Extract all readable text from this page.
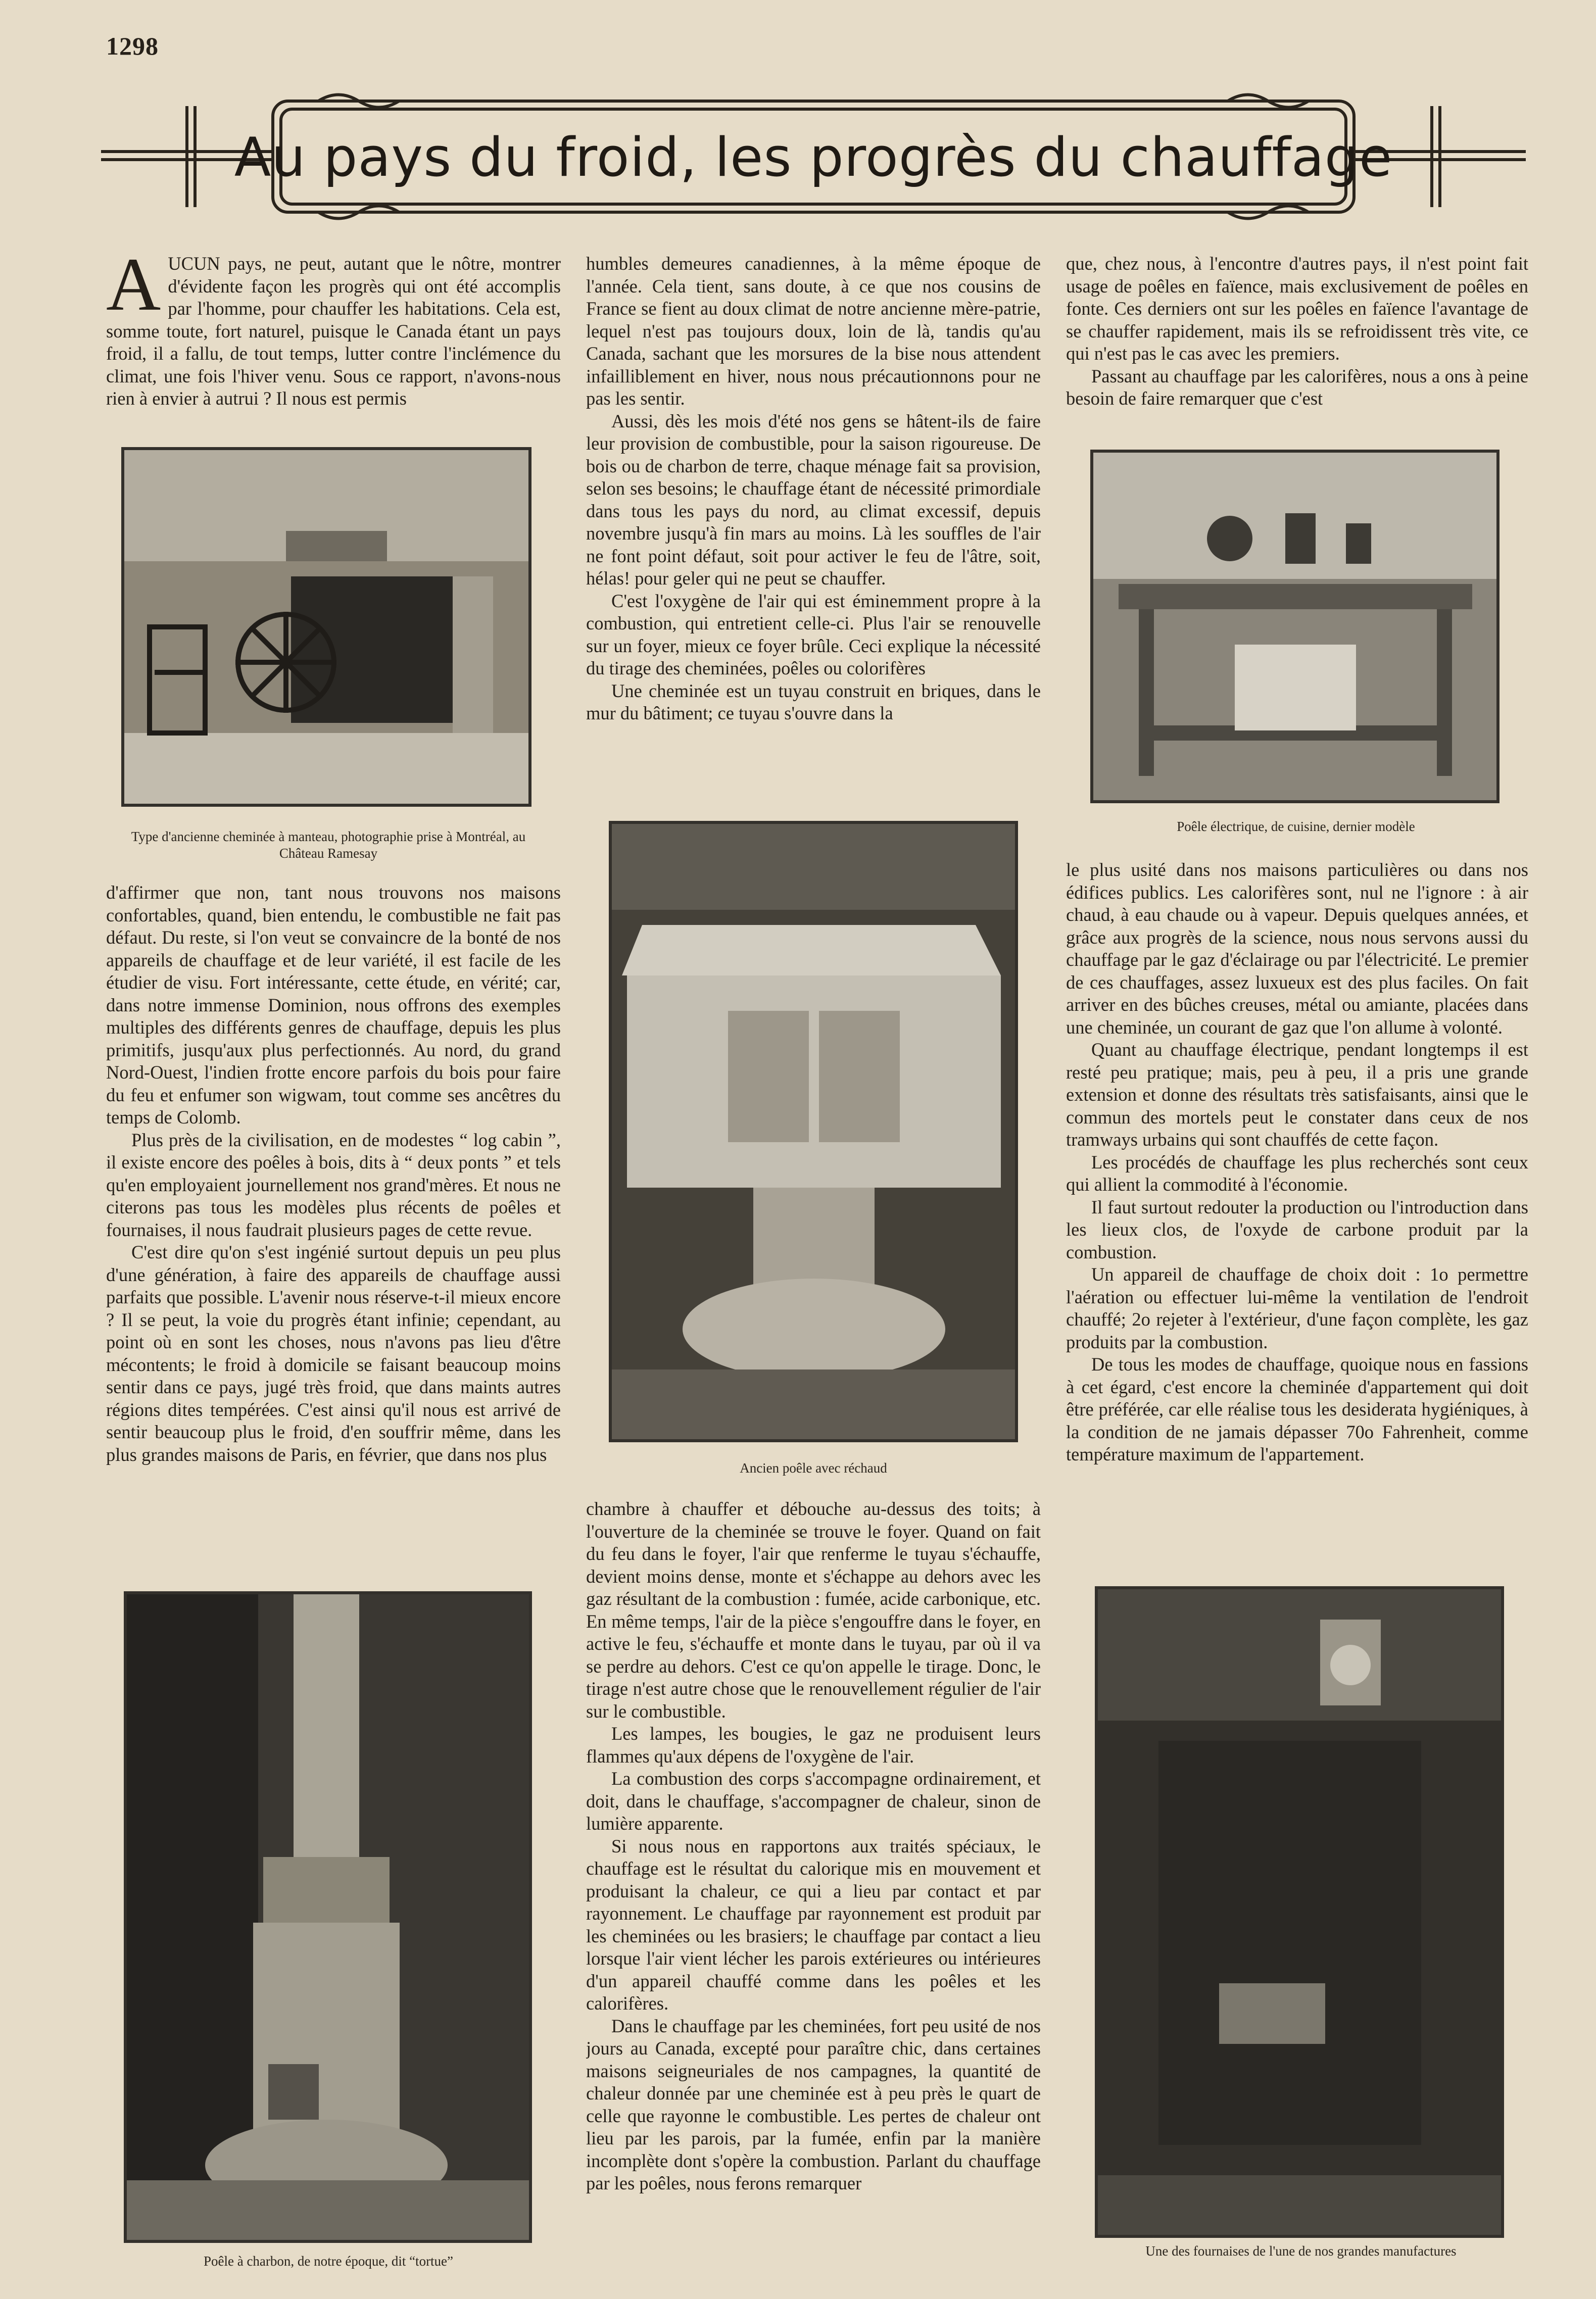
1298
Au pays du froid, les progrès du chauffage

AUCUN pays, ne peut, autant que le nôtre, montrer d'évidente façon les progrès qui ont été accomplis par l'homme, pour chauffer les habitations. Cela est, somme toute, fort naturel, puisque le Canada étant un pays froid, il a fallu, de tout temps, lutter contre l'inclémence du climat, une fois l'hiver venu. Sous ce rapport, n'avons-nous rien à envier à autrui ? Il nous est permis

Type d'ancienne cheminée à manteau, photographie prise à Montréal, au Château Ramesay

d'affirmer que non, tant nous trouvons nos maisons confortables, quand, bien entendu, le combustible ne fait pas défaut. Du reste, si l'on veut se convaincre de la bonté de nos appareils de chauffage et de leur variété, il est facile de les étudier de visu. Fort intéressante, cette étude, en vérité; car, dans notre immense Dominion, nous offrons des exemples multiples des différents genres de chauffage, depuis les plus primitifs, jusqu'aux plus perfectionnés. Au nord, du grand Nord-Ouest, l'indien frotte encore parfois du bois pour faire du feu et enfumer son wigwam, tout comme ses ancêtres du temps de Colomb.

Plus près de la civilisation, en de modestes “ log cabin ”, il existe encore des poêles à bois, dits à “ deux ponts ” et tels qu'en employaient journellement nos grand'mères. Et nous ne citerons pas tous les modèles plus récents de poêles et fournaises, il nous faudrait plusieurs pages de cette revue.

C'est dire qu'on s'est ingénié surtout depuis un peu plus d'une génération, à faire des appareils de chauffage aussi parfaits que possible. L'avenir nous réserve-t-il mieux encore ? Il se peut, la voie du progrès étant infinie; cependant, au point où en sont les choses, nous n'avons pas lieu d'être mécontents; le froid à domicile se faisant beaucoup moins sentir dans ce pays, jugé très froid, que dans maints autres régions dites tempérées. C'est ainsi qu'il nous est arrivé de sentir beaucoup plus le froid, d'en souffrir même, dans les plus grandes maisons de Paris, en février, que dans nos plus

Poêle à charbon, de notre époque, dit “tortue”

humbles demeures canadiennes, à la même époque de l'année. Cela tient, sans doute, à ce que nos cousins de France se fient au doux climat de notre ancienne mère-patrie, lequel n'est pas toujours doux, loin de là, tandis qu'au Canada, sachant que les morsures de la bise nous attendent infailliblement en hiver, nous nous précautionnons pour ne pas les sentir.

Aussi, dès les mois d'été nos gens se hâtent-ils de faire leur provision de combustible, pour la saison rigoureuse. De bois ou de charbon de terre, chaque ménage fait sa provision, selon ses besoins; le chauffage étant de nécessité primordiale dans tous les pays du nord, au climat excessif, depuis novembre jusqu'à fin mars au moins. Là les souffles de l'air ne font point défaut, soit pour activer le feu de l'âtre, soit, hélas! pour geler qui ne peut se chauffer.

C'est l'oxygène de l'air qui est éminemment propre à la combustion, qui entretient celle-ci. Plus l'air se renouvelle sur un foyer, mieux ce foyer brûle. Ceci explique la nécessité du tirage des cheminées, poêles ou colorifères

Une cheminée est un tuyau construit en briques, dans le mur du bâtiment; ce tuyau s'ouvre dans la

Ancien poêle avec réchaud

chambre à chauffer et débouche au-dessus des toits; à l'ouverture de la cheminée se trouve le foyer. Quand on fait du feu dans le foyer, l'air que renferme le tuyau s'échauffe, devient moins dense, monte et s'échappe au dehors avec les gaz résultant de la combustion : fumée, acide carbonique, etc. En même temps, l'air de la pièce s'engouffre dans le foyer, en active le feu, s'échauffe et monte dans le tuyau, par où il va se perdre au dehors. C'est ce qu'on appelle le tirage. Donc, le tirage n'est autre chose que le renouvellement régulier de l'air sur le combustible.

Les lampes, les bougies, le gaz ne produisent leurs flammes qu'aux dépens de l'oxygène de l'air.

La combustion des corps s'accompagne ordinairement, et doit, dans le chauffage, s'accompagner de chaleur, sinon de lumière apparente.

Si nous nous en rapportons aux traités spéciaux, le chauffage est le résultat du calorique mis en mouvement et produisant la chaleur, ce qui a lieu par contact et par rayonnement. Le chauffage par rayonnement est produit par les cheminées ou les brasiers; le chauffage par contact a lieu lorsque l'air vient lécher les parois extérieures ou intérieures d'un appareil chauffé comme dans les poêles et les calorifères.

Dans le chauffage par les cheminées, fort peu usité de nos jours au Canada, excepté pour paraître chic, dans certaines maisons seigneuriales de nos campagnes, la quantité de chaleur donnée par une cheminée est à peu près le quart de celle que rayonne le combustible. Les pertes de chaleur ont lieu par les parois, par la fumée, enfin par la manière incomplète dont s'opère la combustion. Parlant du chauffage par les poêles, nous ferons remarquer

que, chez nous, à l'encontre d'autres pays, il n'est point fait usage de poêles en faïence, mais exclusivement de poêles en fonte. Ces derniers ont sur les poêles en faïence l'avantage de se chauffer rapidement, mais ils se refroidissent très vite, ce qui n'est pas le cas avec les premiers.

Passant au chauffage par les calorifères, nous a ons à peine besoin de faire remarquer que c'est

Poêle électrique, de cuisine, dernier modèle

le plus usité dans nos maisons particulières ou dans nos édifices publics. Les calorifères sont, nul ne l'ignore : à air chaud, à eau chaude ou à vapeur. Depuis quelques années, et grâce aux progrès de la science, nous nous servons aussi du chauffage par le gaz d'éclairage ou par l'électricité. Le premier de ces chauffages, assez luxueux est des plus faciles. On fait arriver en des bûches creuses, métal ou amiante, placées dans une cheminée, un courant de gaz que l'on allume à volonté.

Quant au chauffage électrique, pendant longtemps il est resté peu pratique; mais, peu à peu, il a pris une grande extension et donne des résultats très satisfaisants, ainsi que le commun des mortels peut le constater dans ceux de nos tramways urbains qui sont chauffés de cette façon.

Les procédés de chauffage les plus recherchés sont ceux qui allient la commodité à l'économie.

Il faut surtout redouter la production ou l'introduction dans les lieux clos, de l'oxyde de carbone produit par la combustion.

Un appareil de chauffage de choix doit : 1o permettre l'aération ou effectuer lui-même la ventilation de l'endroit chauffé; 2o rejeter à l'extérieur, d'une façon complète, les gaz produits par la combustion.

De tous les modes de chauffage, quoique nous en fassions à cet égard, c'est encore la cheminée d'appartement qui doit être préférée, car elle réalise tous les desiderata hygiéniques, à la condition de ne jamais dépasser 70o Fahrenheit, comme température maximum de l'appartement.

Une des fournaises de l'une de nos grandes manufactures
